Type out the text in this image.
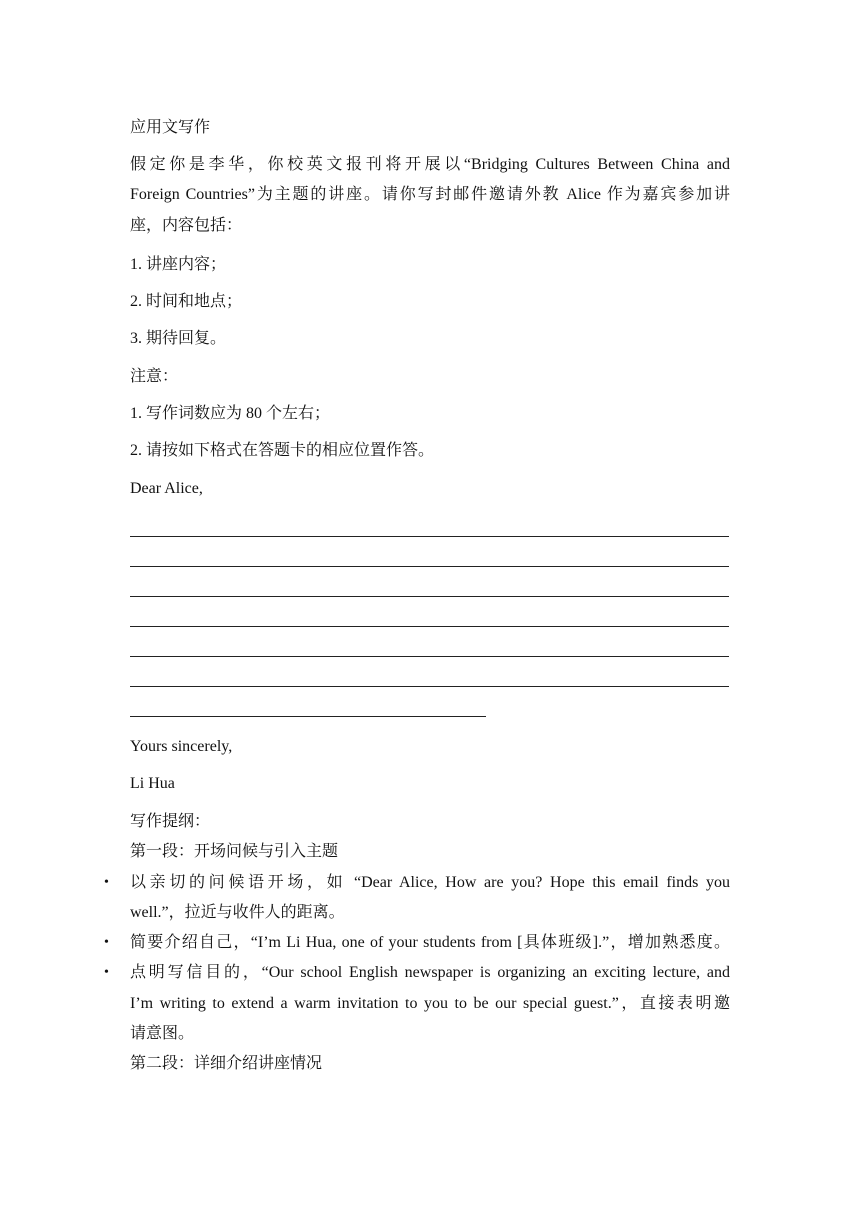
应用文写作
假定你是李华，你校英文报刊将开展以“Bridging Cultures Between China and
Foreign Countries”为主题的讲座。请你写封邮件邀请外教 Alice 作为嘉宾参加讲
座，内容包括：
1. 讲座内容；
2. 时间和地点；
3. 期待回复。
注意：
1. 写作词数应为 80 个左右；
2. 请按如下格式在答题卡的相应位置作答。
Dear Alice,
Yours sincerely,
Li Hua
写作提纲：
第一段：开场问候与引入主题
• 以亲切的问候语开场，如 “Dear Alice, How are you? Hope this email finds you
well.”，拉近与收件人的距离。
• 简要介绍自己，“I’m Li Hua, one of your students from [具体班级].”，增加熟悉度。
• 点明写信目的，“Our school English newspaper is organizing an exciting lecture, and
I’m writing to extend a warm invitation to you to be our special guest.”，直接表明邀
请意图。
第二段：详细介绍讲座情况
